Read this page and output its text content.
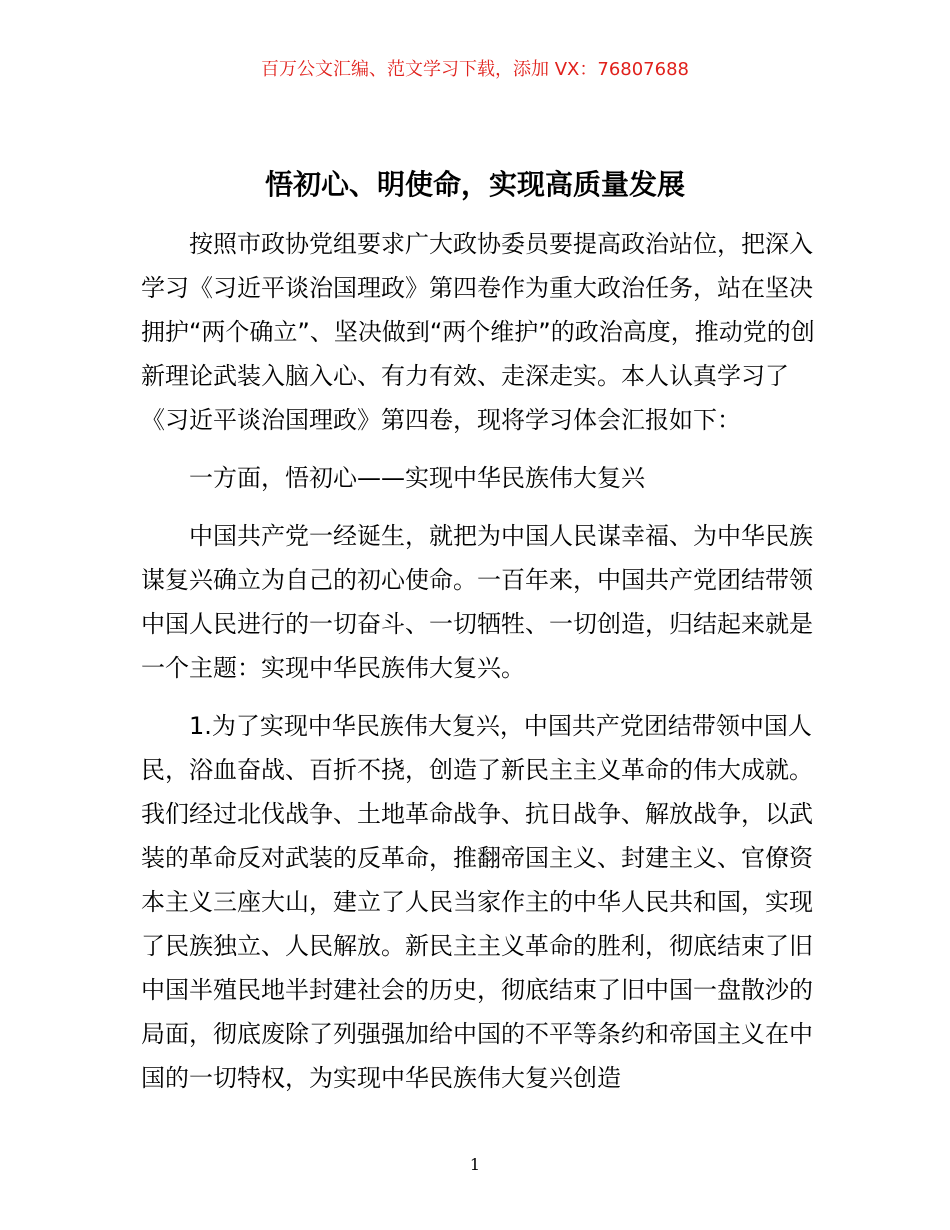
百万公文汇编、范文学习下载，添加 VX：76807688
悟初心、明使命，实现高质量发展

按照市政协党组要求广大政协委员要提高政治站位，把深入学习《习近平谈治国理政》第四卷作为重大政治任务，站在坚决拥护“两个确立”、坚决做到“两个维护”的政治高度，推动党的创新理论武装入脑入心、有力有效、走深走实。本人认真学习了《习近平谈治国理政》第四卷，现将学习体会汇报如下：

一方面，悟初心——实现中华民族伟大复兴

中国共产党一经诞生，就把为中国人民谋幸福、为中华民族谋复兴确立为自己的初心使命。一百年来，中国共产党团结带领中国人民进行的一切奋斗、一切牺牲、一切创造，归结起来就是一个主题：实现中华民族伟大复兴。

1.为了实现中华民族伟大复兴，中国共产党团结带领中国人民，浴血奋战、百折不挠，创造了新民主主义革命的伟大成就。我们经过北伐战争、土地革命战争、抗日战争、解放战争，以武装的革命反对武装的反革命，推翻帝国主义、封建主义、官僚资本主义三座大山，建立了人民当家作主的中华人民共和国，实现了民族独立、人民解放。新民主主义革命的胜利，彻底结束了旧中国半殖民地半封建社会的历史，彻底结束了旧中国一盘散沙的局面，彻底废除了列强强加给中国的不平等条约和帝国主义在中国的一切特权，为实现中华民族伟大复兴创造

1
